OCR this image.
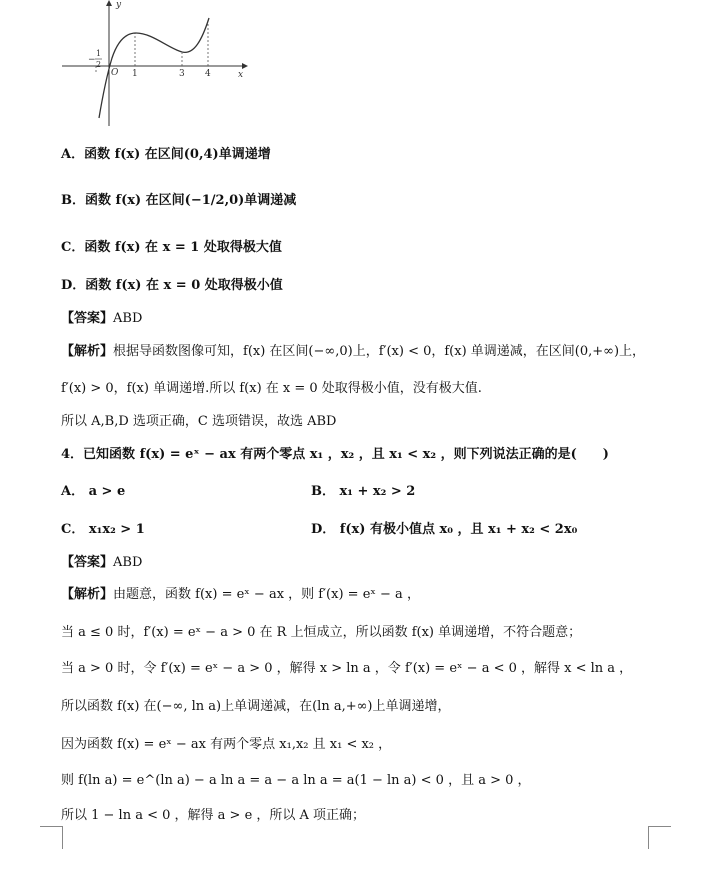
y
x
O
−
1
2
1	3 4
A．函数 f(x) 在区间(0,4)单调递增
B．函数 f(x) 在区间(−1/2,0)单调递减
C．函数 f(x) 在 x = 1 处取得极大值
D．函数 f(x) 在 x = 0 处取得极小值
【答案】ABD
【解析】根据导函数图像可知，f(x) 在区间(−∞,0)上，f′(x) < 0，f(x) 单调递减，在区间(0,+∞)上，
f′(x) > 0，f(x) 单调递增.所以 f(x) 在 x = 0 处取得极小值，没有极大值.
所以 A,B,D 选项正确，C 选项错误，故选 ABD
4．已知函数 f(x) = eˣ − ax 有两个零点 x₁ ，x₂ ，且 x₁ < x₂ ，则下列说法正确的是(　　)
A． a > e	B． x₁ + x₂ > 2
C． x₁x₂ > 1	D． f(x) 有极小值点 x₀ ，且 x₁ + x₂ < 2x₀
【答案】ABD
【解析】由题意，函数 f(x) = eˣ − ax ，则 f′(x) = eˣ − a ，
当 a ≤ 0 时，f′(x) = eˣ − a > 0 在 R 上恒成立，所以函数 f(x) 单调递增，不符合题意；
当 a > 0 时，令 f′(x) = eˣ − a > 0 ，解得 x > ln a ，令 f′(x) = eˣ − a < 0 ，解得 x < ln a ，
所以函数 f(x) 在(−∞, ln a)上单调递减，在(ln a,+∞)上单调递增，
因为函数 f(x) = eˣ − ax 有两个零点 x₁,x₂ 且 x₁ < x₂ ，
则 f(ln a) = e^(ln a) − a ln a = a − a ln a = a(1 − ln a) < 0 ，且 a > 0 ，
所以 1 − ln a < 0 ，解得 a > e ，所以 A 项正确；
